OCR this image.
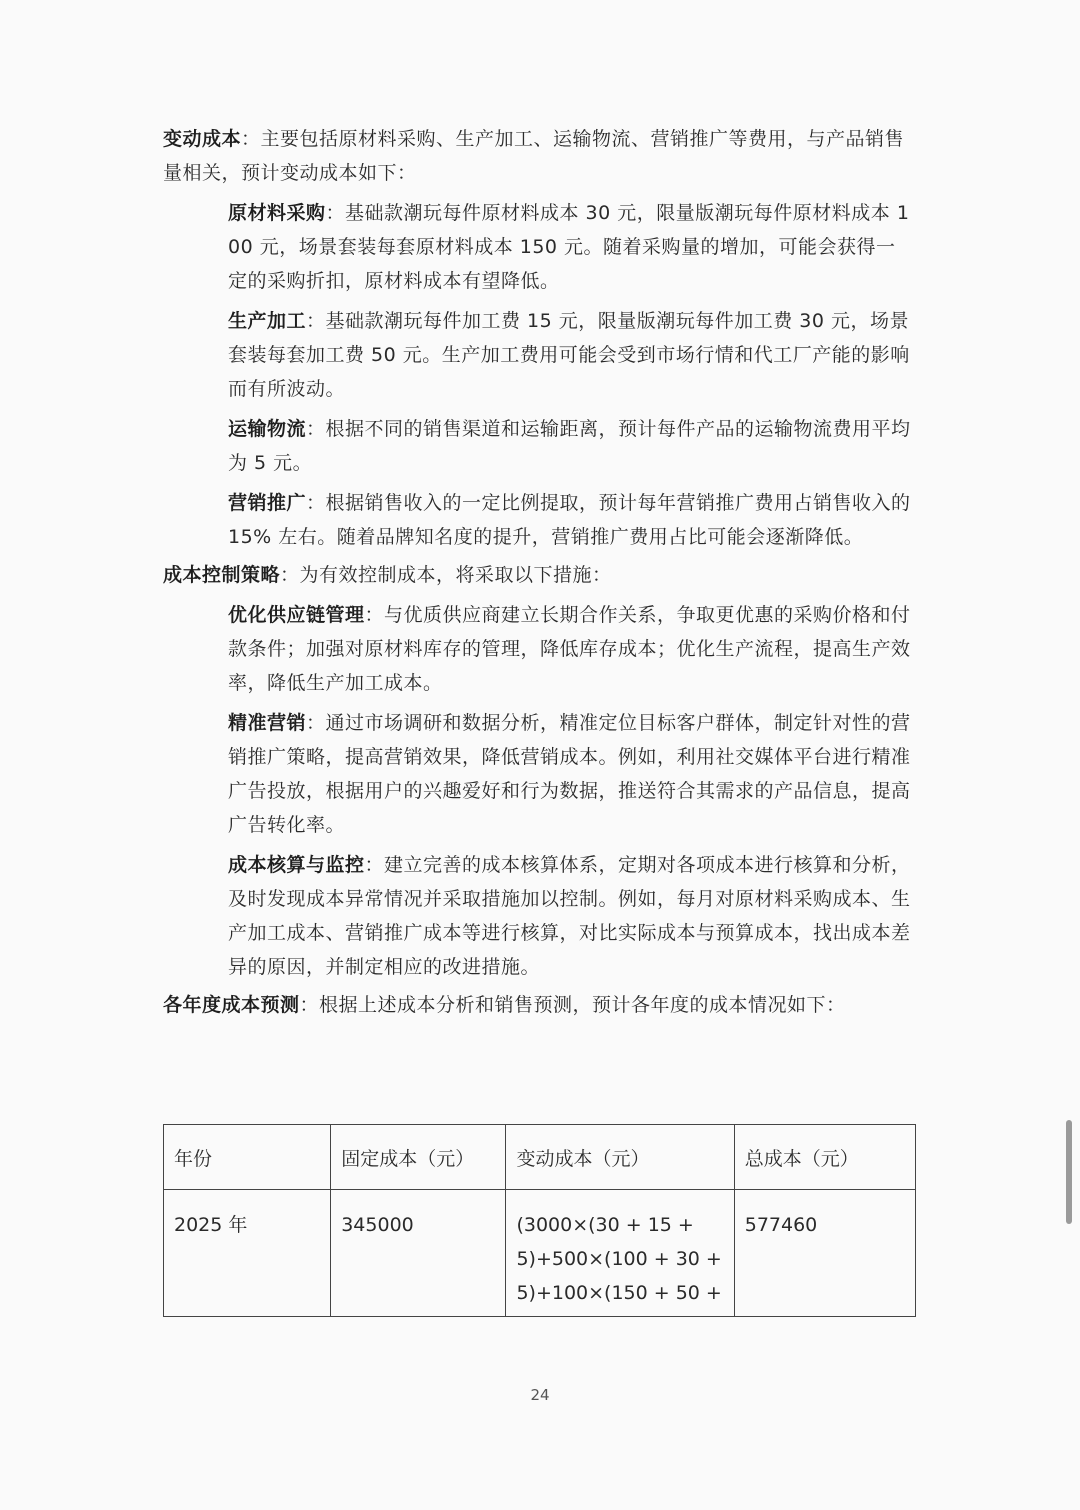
变动成本：主要包括原材料采购、生产加工、运输物流、营销推广等费用，与产品销售量相关，预计变动成本如下：

原材料采购：基础款潮玩每件原材料成本 30 元，限量版潮玩每件原材料成本 100 元，场景套装每套原材料成本 150 元。随着采购量的增加，可能会获得一定的采购折扣，原材料成本有望降低。

生产加工：基础款潮玩每件加工费 15 元，限量版潮玩每件加工费 30 元，场景套装每套加工费 50 元。生产加工费用可能会受到市场行情和代工厂产能的影响而有所波动。

运输物流：根据不同的销售渠道和运输距离，预计每件产品的运输物流费用平均为 5 元。

营销推广：根据销售收入的一定比例提取，预计每年营销推广费用占销售收入的 15% 左右。随着品牌知名度的提升，营销推广费用占比可能会逐渐降低。

成本控制策略：为有效控制成本，将采取以下措施：

优化供应链管理：与优质供应商建立长期合作关系，争取更优惠的采购价格和付款条件；加强对原材料库存的管理，降低库存成本；优化生产流程，提高生产效率，降低生产加工成本。

精准营销：通过市场调研和数据分析，精准定位目标客户群体，制定针对性的营销推广策略，提高营销效果，降低营销成本。例如，利用社交媒体平台进行精准广告投放，根据用户的兴趣爱好和行为数据，推送符合其需求的产品信息，提高广告转化率。

成本核算与监控：建立完善的成本核算体系，定期对各项成本进行核算和分析，及时发现成本异常情况并采取措施加以控制。例如，每月对原材料采购成本、生产加工成本、营销推广成本等进行核算，对比实际成本与预算成本，找出成本差异的原因，并制定相应的改进措施。

各年度成本预测：根据上述成本分析和销售预测，预计各年度的成本情况如下：

年份	固定成本（元）	变动成本（元）	总成本（元）
2025 年	345000	(3000×(30 + 15 +
5)+500×(100 + 30 +
5)+100×(150 + 50 +	577460
24
